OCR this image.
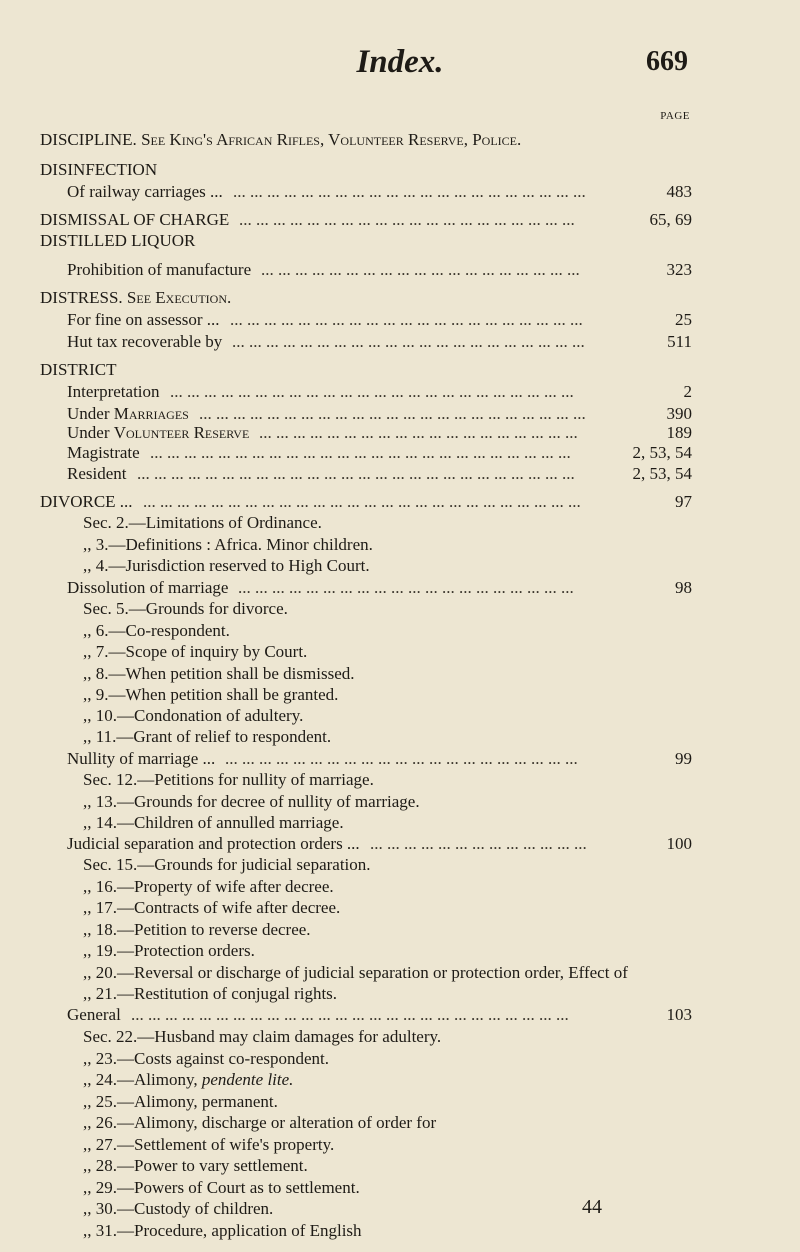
Index.	669
PAGE
DISCIPLINE. See King's African Rifles, Volunteer Reserve, Police.
DISINFECTION
Of railway carriages ...	483
... ... ... ... ... ... ... ... ... ... ... ... ... ... ... ... ... ... ... ... ...
DISMISSAL OF CHARGE	65, 69
... ... ... ... ... ... ... ... ... ... ... ... ... ... ... ... ... ... ... ...
DISTILLED LIQUOR
Prohibition of manufacture	323
... ... ... ... ... ... ... ... ... ... ... ... ... ... ... ... ... ... ...
DISTRESS. See Execution.
For fine on assessor ...	25
... ... ... ... ... ... ... ... ... ... ... ... ... ... ... ... ... ... ... ... ...
Hut tax recoverable by	511
... ... ... ... ... ... ... ... ... ... ... ... ... ... ... ... ... ... ... ... ...
DISTRICT
Interpretation	2
... ... ... ... ... ... ... ... ... ... ... ... ... ... ... ... ... ... ... ... ... ... ... ...
Under Marriages	390
... ... ... ... ... ... ... ... ... ... ... ... ... ... ... ... ... ... ... ... ... ... ...
Under Volunteer Reserve	189
... ... ... ... ... ... ... ... ... ... ... ... ... ... ... ... ... ... ...
Magistrate	2, 53, 54
... ... ... ... ... ... ... ... ... ... ... ... ... ... ... ... ... ... ... ... ... ... ... ... ...
Resident	2, 53, 54
... ... ... ... ... ... ... ... ... ... ... ... ... ... ... ... ... ... ... ... ... ... ... ... ... ...
DIVORCE ...	97
... ... ... ... ... ... ... ... ... ... ... ... ... ... ... ... ... ... ... ... ... ... ... ... ... ...
Sec. 2.—Limitations of Ordinance.
,, 3.—Definitions : Africa. Minor children.
,, 4.—Jurisdiction reserved to High Court.
Dissolution of marriage	98
... ... ... ... ... ... ... ... ... ... ... ... ... ... ... ... ... ... ... ...
Sec. 5.—Grounds for divorce.
,, 6.—Co-respondent.
,, 7.—Scope of inquiry by Court.
,, 8.—When petition shall be dismissed.
,, 9.—When petition shall be granted.
,, 10.—Condonation of adultery.
,, 11.—Grant of relief to respondent.
Nullity of marriage ...	99
... ... ... ... ... ... ... ... ... ... ... ... ... ... ... ... ... ... ... ... ...
Sec. 12.—Petitions for nullity of marriage.
,, 13.—Grounds for decree of nullity of marriage.
,, 14.—Children of annulled marriage.
Judicial separation and protection orders ...	100
... ... ... ... ... ... ... ... ... ... ... ... ...
Sec. 15.—Grounds for judicial separation.
,, 16.—Property of wife after decree.
,, 17.—Contracts of wife after decree.
,, 18.—Petition to reverse decree.
,, 19.—Protection orders.
,, 20.—Reversal or discharge of judicial separation or protection order, Effect of
,, 21.—Restitution of conjugal rights.
General	103
... ... ... ... ... ... ... ... ... ... ... ... ... ... ... ... ... ... ... ... ... ... ... ... ... ...
Sec. 22.—Husband may claim damages for adultery.
,, 23.—Costs against co-respondent.
,, 24.—Alimony, pendente lite.
,, 25.—Alimony, permanent.
,, 26.—Alimony, discharge or alteration of order for
,, 27.—Settlement of wife's property.
,, 28.—Power to vary settlement.
,, 29.—Powers of Court as to settlement.
,, 30.—Custody of children.
,, 31.—Procedure, application of English
44
